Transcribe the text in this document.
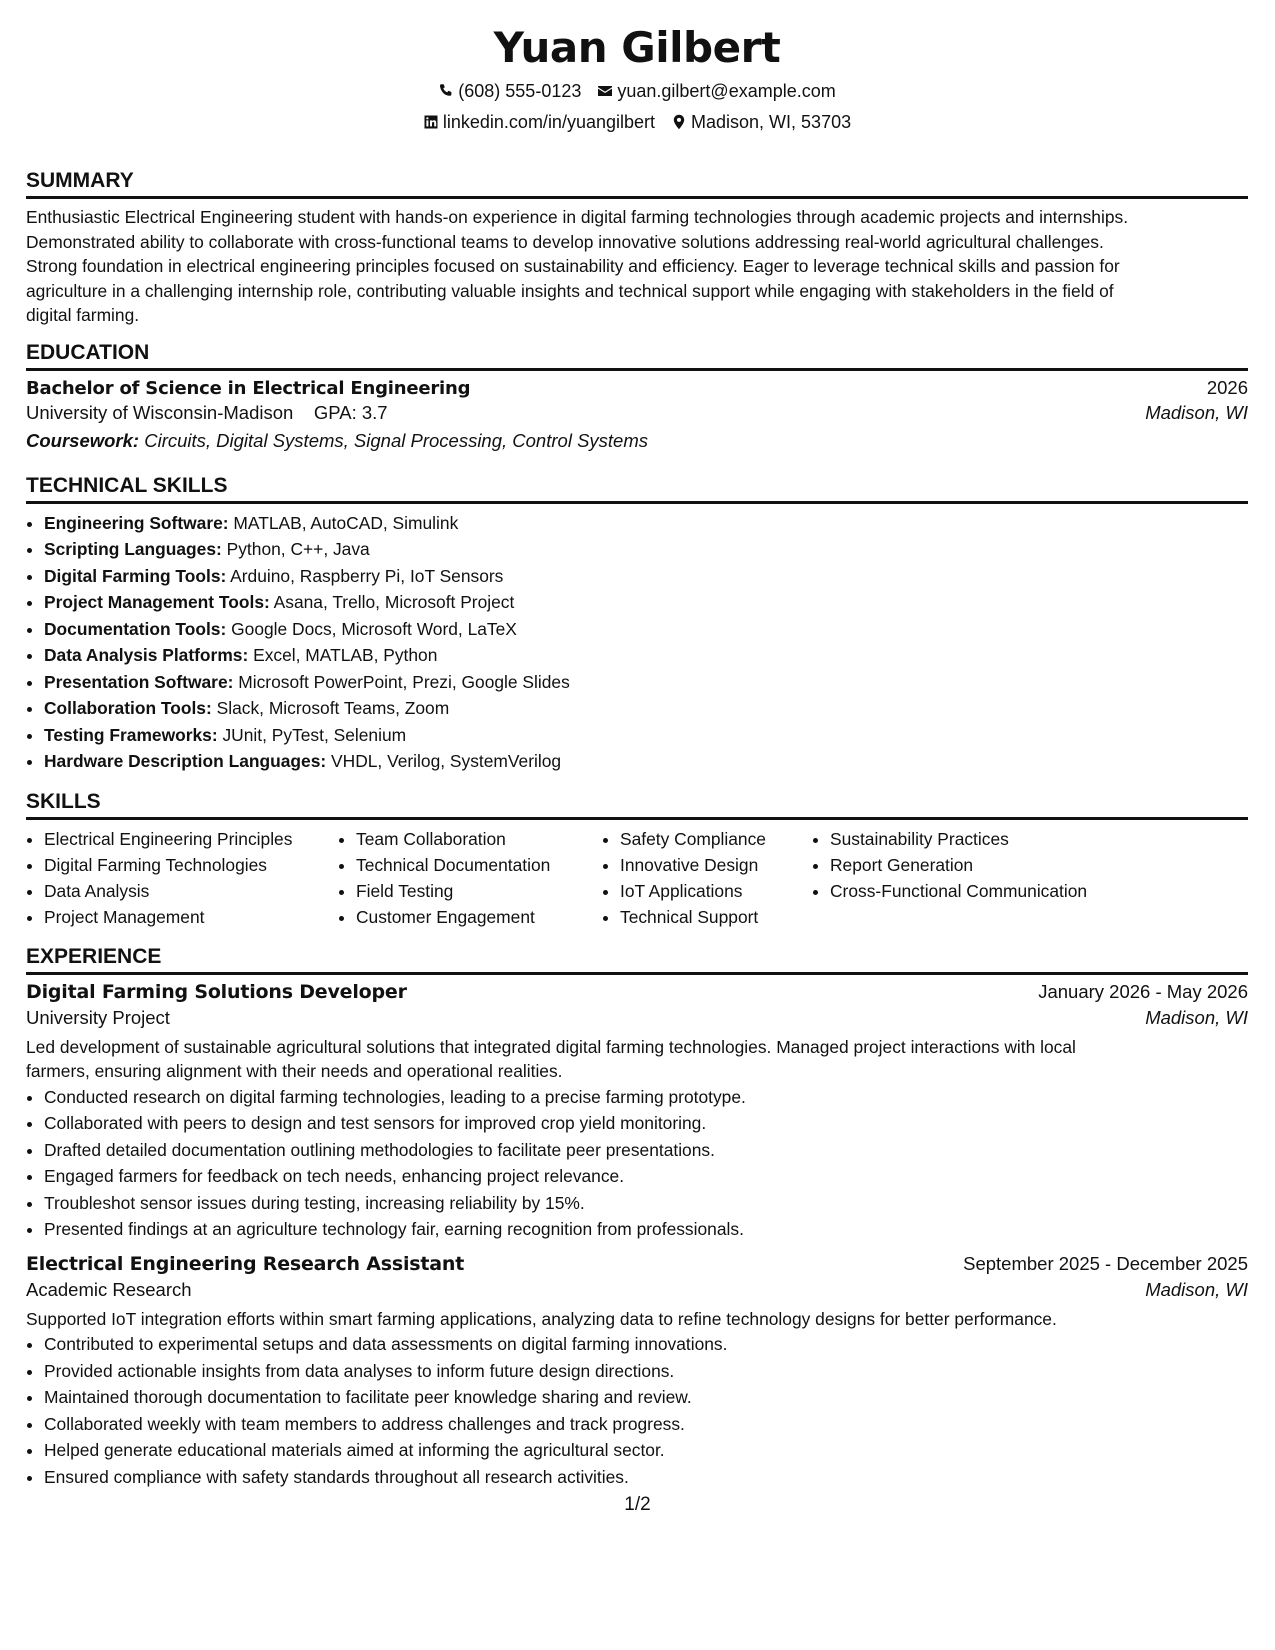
Yuan Gilbert
(608) 555-0123 yuan.gilbert@example.com
linkedin.com/in/yuangilbert Madison, WI, 53703
SUMMARY
Enthusiastic Electrical Engineering student with hands-on experience in digital farming technologies through academic projects and internships.
Demonstrated ability to collaborate with cross-functional teams to develop innovative solutions addressing real-world agricultural challenges.
Strong foundation in electrical engineering principles focused on sustainability and efficiency. Eager to leverage technical skills and passion for
agriculture in a challenging internship role, contributing valuable insights and technical support while engaging with stakeholders in the field of
digital farming.
EDUCATION
Bachelor of Science in Electrical Engineering	2026
University of Wisconsin-Madison GPA: 3.7	Madison, WI
Coursework: Circuits, Digital Systems, Signal Processing, Control Systems
TECHNICAL SKILLS
• Engineering Software: MATLAB, AutoCAD, Simulink
• Scripting Languages: Python, C++, Java
• Digital Farming Tools: Arduino, Raspberry Pi, IoT Sensors
• Project Management Tools: Asana, Trello, Microsoft Project
• Documentation Tools: Google Docs, Microsoft Word, LaTeX
• Data Analysis Platforms: Excel, MATLAB, Python
• Presentation Software: Microsoft PowerPoint, Prezi, Google Slides
• Collaboration Tools: Slack, Microsoft Teams, Zoom
• Testing Frameworks: JUnit, PyTest, Selenium
• Hardware Description Languages: VHDL, Verilog, SystemVerilog
SKILLS
• Electrical Engineering Principles
• Digital Farming Technologies
• Data Analysis
• Project Management
• Team Collaboration
• Technical Documentation
• Field Testing
• Customer Engagement
• Safety Compliance
• Innovative Design
• IoT Applications
• Technical Support
• Sustainability Practices
• Report Generation
• Cross-Functional Communication
EXPERIENCE
Digital Farming Solutions Developer	January 2026 - May 2026
University Project	Madison, WI
Led development of sustainable agricultural solutions that integrated digital farming technologies. Managed project interactions with local
farmers, ensuring alignment with their needs and operational realities.
• Conducted research on digital farming technologies, leading to a precise farming prototype.
• Collaborated with peers to design and test sensors for improved crop yield monitoring.
• Drafted detailed documentation outlining methodologies to facilitate peer presentations.
• Engaged farmers for feedback on tech needs, enhancing project relevance.
• Troubleshot sensor issues during testing, increasing reliability by 15%.
• Presented findings at an agriculture technology fair, earning recognition from professionals.
Electrical Engineering Research Assistant	September 2025 - December 2025
Academic Research	Madison, WI
Supported IoT integration efforts within smart farming applications, analyzing data to refine technology designs for better performance.
• Contributed to experimental setups and data assessments on digital farming innovations.
• Provided actionable insights from data analyses to inform future design directions.
• Maintained thorough documentation to facilitate peer knowledge sharing and review.
• Collaborated weekly with team members to address challenges and track progress.
• Helped generate educational materials aimed at informing the agricultural sector.
• Ensured compliance with safety standards throughout all research activities.
1/2
